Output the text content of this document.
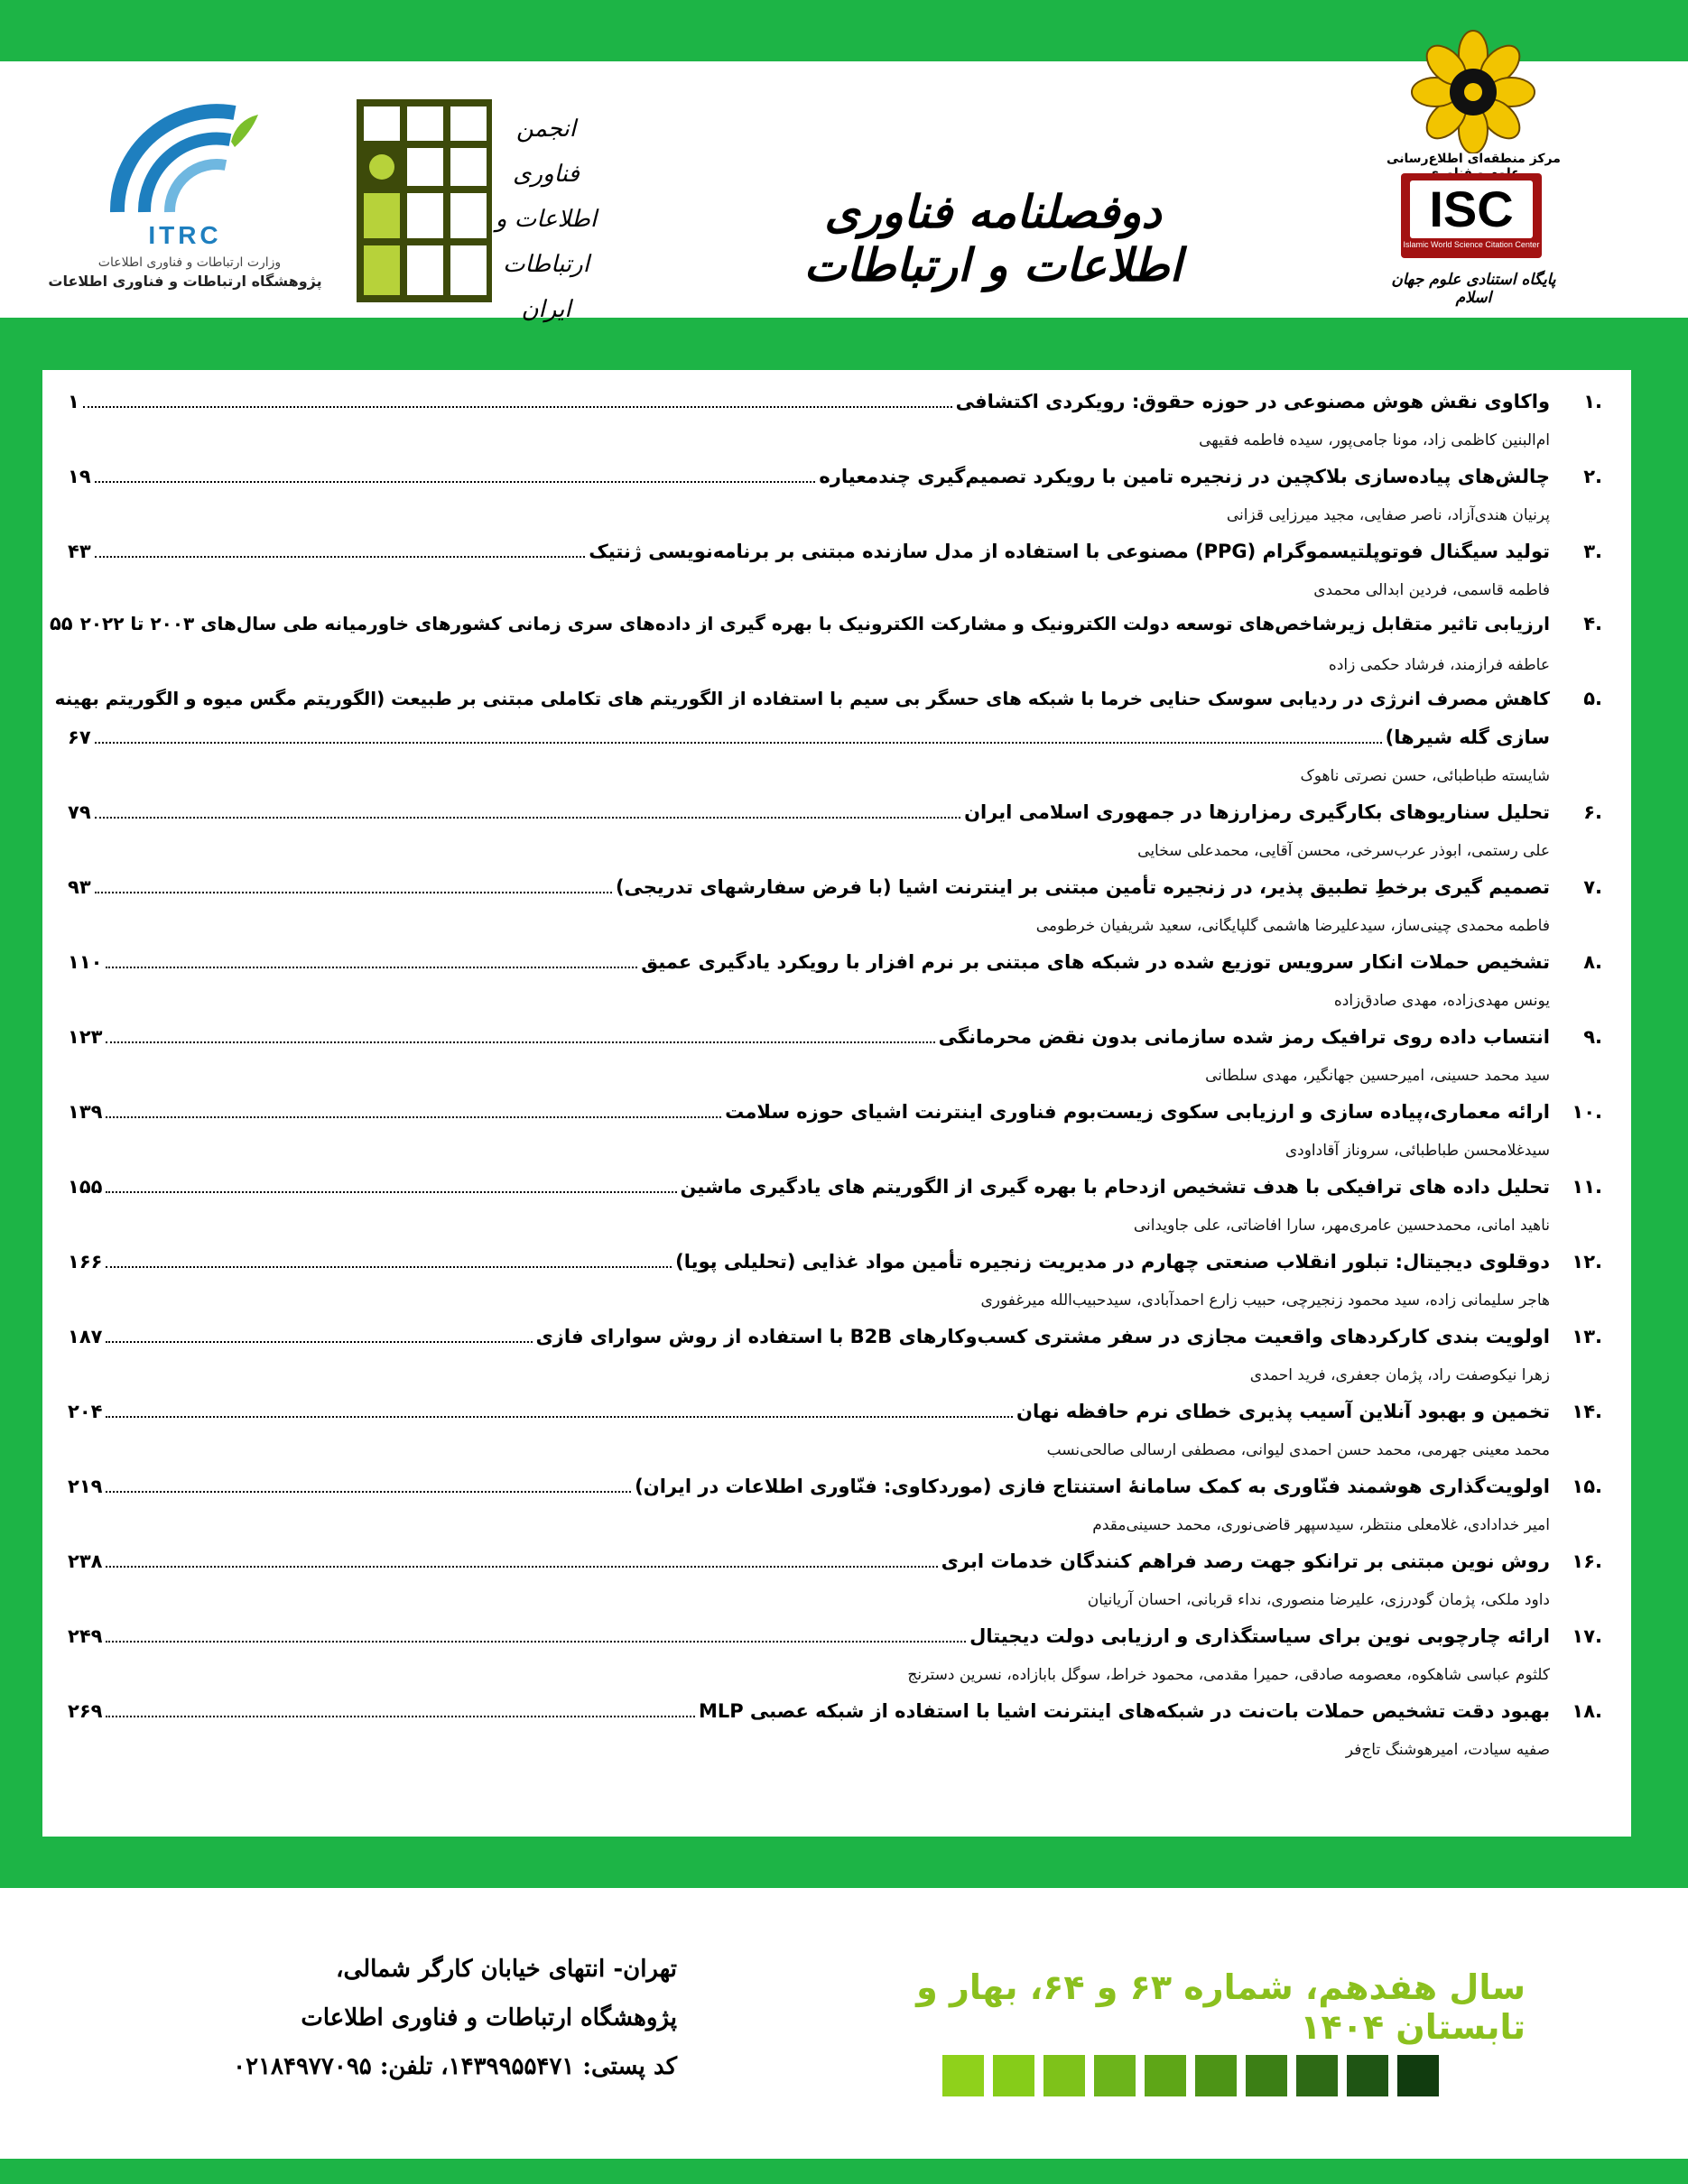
مرکز منطقه‌ای اطلاع‌رسانی
ISC
Islamic World Science Citation Center
پایگاه استنادی علوم جهان اسلام
دوفصلنامه فناوری اطلاعات و ارتباطات
انجمن
فناوری
اطلاعات و
ارتباطات ایران
ITRC
وزارت ارتباطات و فناوری اطلاعات
پژوهشگاه ارتباطات و فناوری اطلاعات
.۱
واکاوی نقش هوش مصنوعی در حوزه حقوق: رویکردی اکتشافی
۱
ام‌البنین کاظمی زاد، مونا جامی‌پور، سیده فاطمه فقیهی
.۲
چالش‌های پیاده‌سازی بلاکچین در زنجیره تامین با رویکرد تصمیم‌گیری چندمعیاره
۱۹
پرنیان هندی‌آزاد، ناصر صفایی، مجید میرزایی قزانی
.۳
تولید سیگنال فوتوپلتیسموگرام (PPG) مصنوعی با استفاده از مدل سازنده مبتنی بر برنامه‌نویسی ژنتیک
۴۳
فاطمه قاسمی، فردین ابدالی محمدی
.۴
ارزیابی تاثیر متقابل زیرشاخص‌های توسعه دولت الکترونیک و مشارکت الکترونیک با بهره گیری از داده‌های سری زمانی کشورهای خاورمیانه طی سال‌های ۲۰۰۳ تا ۲۰۲۲
۵۵
عاطفه فرازمند، فرشاد حکمی زاده
.۵
کاهش مصرف انرژی در ردیابی سوسک حنایی خرما با شبکه های حسگر بی سیم با استفاده از الگوریتم های تکاملی مبتنی بر طبیعت (الگوریتم مگس میوه و الگوریتم بهینه
سازی گله شیرها)
۶۷
شایسته طباطبائی، حسن نصرتی ناهوک
.۶
تحلیل سناریوهای بکارگیری رمزارزها در جمهوری اسلامی ایران
۷۹
علی رستمی، ابوذر عرب‌سرخی، محسن آقایی، محمدعلی سخایی
.۷
تصمیم گیری برخطِ تطبیق پذیر، در زنجیره تأمین مبتنی بر اینترنت اشیا (با فرض سفارشهای تدریجی)
۹۳
فاطمه محمدی چینی‌ساز، سیدعلیرضا هاشمی گلپایگانی، سعید شریفیان خرطومی
.۸
تشخیص حملات انکار سرویس توزیع شده در شبکه های مبتنی بر نرم افزار با رویکرد یادگیری عمیق
۱۱۰
یونس مهدی‌زاده، مهدی صادق‌زاده
.۹
انتساب داده روی ترافیک رمز شده سازمانی بدون نقض محرمانگی
۱۲۳
سید محمد حسینی، امیرحسین جهانگیر، مهدی سلطانی
.۱۰
ارائه معماری،پیاده سازی و ارزیابی سکوی زیست‌بوم فناوری اینترنت اشیای حوزه سلامت
۱۳۹
سیدغلامحسن طباطبائی، سروناز آقاداودی
.۱۱
تحلیل داده های ترافیکی با هدف تشخیص ازدحام با بهره گیری از الگوریتم های یادگیری ماشین
۱۵۵
ناهید امانی، محمدحسین عامری‌مهر، سارا افاضاتی، علی جاویدانی
.۱۲
دوقلوی دیجیتال: تبلور انقلاب صنعتی چهارم در مدیریت زنجیره تأمین مواد غذایی (تحلیلی پویا)
۱۶۶
هاجر سلیمانی زاده، سید محمود زنجیرچی، حبیب زارع احمدآبادی، سیدحبیب‌الله میرغفوری
.۱۳
اولویت بندی کارکردهای واقعیت مجازی در سفر مشتری کسب‌وکارهای B2B با استفاده از روش سوارای فازی
۱۸۷
زهرا نیکوصفت راد، پژمان جعفری، فرید احمدی
.۱۴
تخمین و بهبود آنلاین آسیب پذیری خطای نرم حافظه نهان
۲۰۴
محمد معینی جهرمی، محمد حسن احمدی لیوانی، مصطفی ارسالی صالحی‌نسب
.۱۵
اولویت‌گذاری هوشمند فنّاوری به کمک سامانۀ استنتاج فازی (موردکاوی: فنّاوری اطلاعات در ایران)
۲۱۹
امیر خدادادی، غلامعلی منتظر، سیدسپهر قاضی‌نوری، محمد حسینی‌مقدم
.۱۶
روش نوین مبتنی بر ترانکو جهت رصد فراهم کنندگان خدمات ابری
۲۳۸
داود ملکی، پژمان گودرزی، علیرضا منصوری، نداء قربانی، احسان آریانیان
.۱۷
ارائه چارچوبی نوین برای سیاستگذاری و ارزیابی دولت دیجیتال
۲۴۹
کلثوم عباسی شاهکوه، معصومه صادقی، حمیرا مقدمی، محمود خراط، سوگل بابازاده، نسرین دسترنج
.۱۸
بهبود دقت تشخیص حملات بات‌نت در شبکه‌های اینترنت اشیا با استفاده از شبکه عصبی MLP
۲۶۹
صفیه سیادت، امیرهوشنگ تاج‌فر
سال هفدهم، شماره ۶۳ و ۶۴، بهار و تابستان ۱۴۰۴
تهران- انتهای خیابان کارگر شمالی،
پژوهشگاه ارتباطات و فناوری اطلاعات
کد پستی: ۱۴۳۹۹۵۵۴۷۱، تلفن: ۰۲۱۸۴۹۷۷۰۹۵
